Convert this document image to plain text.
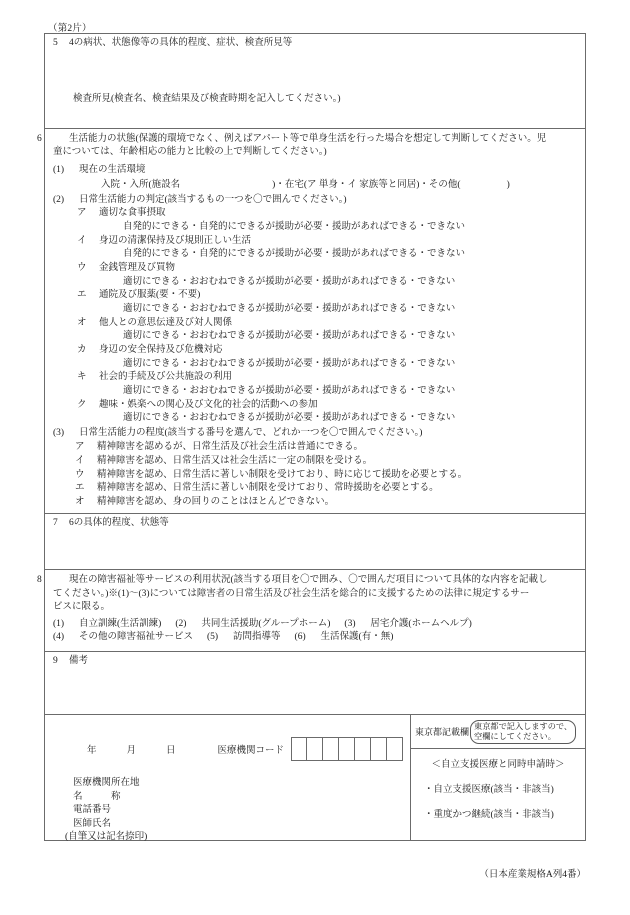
（第2片）
5 4の病状、状態像等の具体的程度、症状、検査所見等
検査所見(検査名、検査結果及び検査時期を記入してください。)
6	生活能力の状態(保護的環境でなく、例えばアパート等で単身生活を行った場合を想定して判断してください。児
童については、年齢相応の能力と比較の上で判断してください。)
(1) 現在の生活環境
入院・入所(施設名	)・在宅(ア 単身・イ 家族等と同居)・その他(	)
(2) 日常生活能力の判定(該当するもの一つを〇で囲んでください。)
ア 適切な食事摂取
自発的にできる・自発的にできるが援助が必要・援助があればできる・できない
イ 身辺の清潔保持及び規則正しい生活
自発的にできる・自発的にできるが援助が必要・援助があればできる・できない
ウ 金銭管理及び買物
適切にできる・おおむねできるが援助が必要・援助があればできる・できない
エ 通院及び服薬(要・不要)
適切にできる・おおむねできるが援助が必要・援助があればできる・できない
オ 他人との意思伝達及び対人関係
適切にできる・おおむねできるが援助が必要・援助があればできる・できない
カ 身辺の安全保持及び危機対応
適切にできる・おおむねできるが援助が必要・援助があればできる・できない
キ 社会的手続及び公共施設の利用
適切にできる・おおむねできるが援助が必要・援助があればできる・できない
ク 趣味・娯楽への関心及び文化的社会的活動への参加
適切にできる・おおむねできるが援助が必要・援助があればできる・できない
(3) 日常生活能力の程度(該当する番号を選んで、どれか一つを〇で囲んでください。)
ア 精神障害を認めるが、日常生活及び社会生活は普通にできる。
イ 精神障害を認め、日常生活又は社会生活に一定の制限を受ける。
ウ 精神障害を認め、日常生活に著しい制限を受けており、時に応じて援助を必要とする。
エ 精神障害を認め、日常生活に著しい制限を受けており、常時援助を必要とする。
オ 精神障害を認め、身の回りのことはほとんどできない。
7 6の具体的程度、状態等
8	現在の障害福祉等サービスの利用状況(該当する項目を〇で囲み、〇で囲んだ項目について具体的な内容を記載し
てください。)※(1)～(3)については障害者の日常生活及び社会生活を総合的に支援するための法律に規定するサー
ビスに限る。
(1) 自立訓練(生活訓練) (2) 共同生活援助(グループホーム) (3) 居宅介護(ホームヘルプ)
(4) その他の障害福祉サービス (5) 訪問指導等 (6) 生活保護(有・無)
9 備考
年	月	日	医療機関コード
医療機関所在地
名　　　称
電話番号
医師氏名
(自筆又は記名捺印)
東京都記載欄
東京都で記入しますので、
空欄にしてください。
＜自立支援医療と同時申請時＞
・自立支援医療(該当・非該当)
・重度かつ継続(該当・非該当)
（日本産業規格A列4番）
